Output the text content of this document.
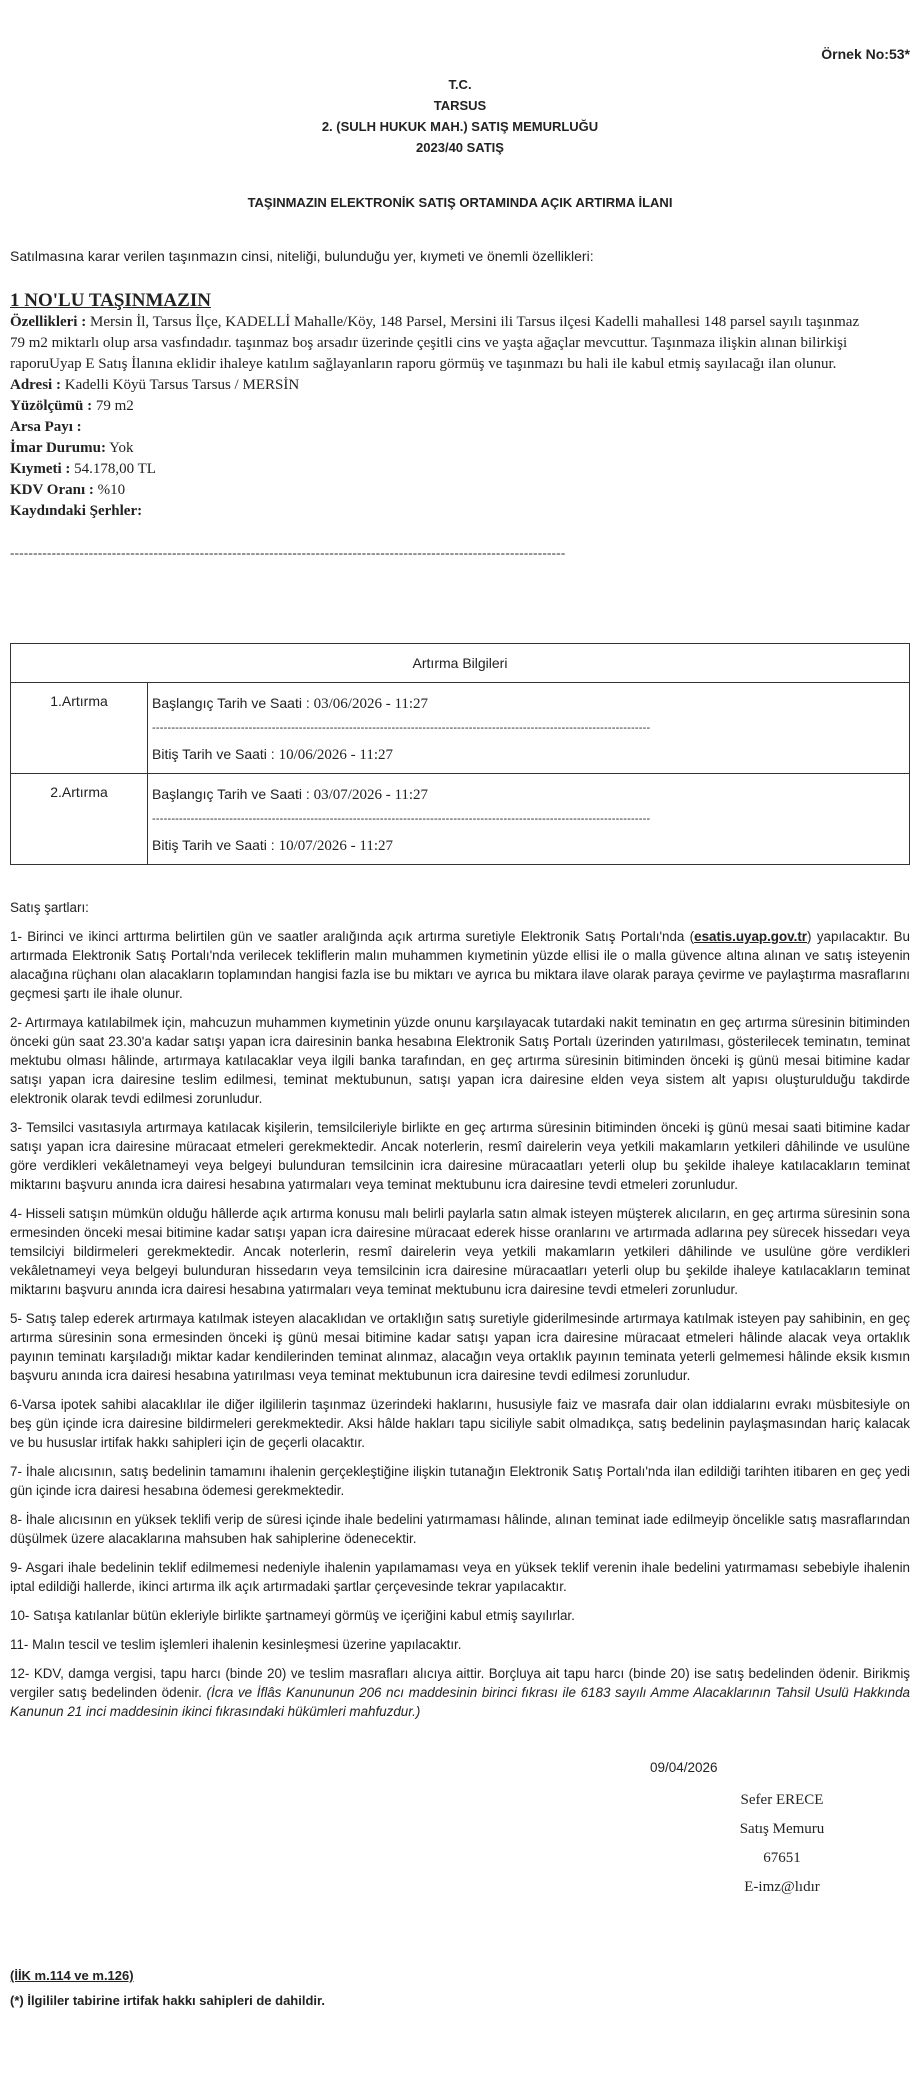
Örnek No:53*
T.C.
TARSUS
2. (SULH HUKUK MAH.) SATIŞ MEMURLUĞU
2023/40 SATIŞ
TAŞINMAZIN ELEKTRONİK SATIŞ ORTAMINDA AÇIK ARTIRMA İLANI
Satılmasına karar verilen taşınmazın cinsi, niteliği, bulunduğu yer, kıymeti ve önemli özellikleri:
1 NO'LU TAŞINMAZIN
Özellikleri : Mersin İl, Tarsus İlçe, KADELLİ Mahalle/Köy, 148 Parsel, Mersini ili Tarsus ilçesi Kadelli mahallesi 148 parsel sayılı taşınmaz 79 m2 miktarlı olup arsa vasfındadır. taşınmaz boş arsadır üzerinde çeşitli cins ve yaşta ağaçlar mevcuttur. Taşınmaza ilişkin alınan bilirkişi raporuUyap E Satış İlanına eklidir ihaleye katılım sağlayanların raporu görmüş ve taşınmazı bu hali ile kabul etmiş sayılacağı ilan olunur.
Adresi : Kadelli Köyü Tarsus Tarsus / MERSİN
Yüzölçümü : 79 m2
Arsa Payı :
İmar Durumu: Yok
Kıymeti : 54.178,00 TL
KDV Oranı : %10
Kaydındaki Şerhler:
------------------------------------------------------------------------------------------------------------------------
Artırma Bilgileri	
1.Artırma	Başlangıç Tarih ve Saati : 03/06/2026 - 11:27
---------------------------------------------------------------------------------------------------------------------------------
Bitiş Tarih ve Saati : 10/06/2026 - 11:27

2.Artırma	Başlangıç Tarih ve Saati : 03/07/2026 - 11:27
---------------------------------------------------------------------------------------------------------------------------------
Bitiş Tarih ve Saati : 10/07/2026 - 11:27

Satış şartları:

1- Birinci ve ikinci arttırma belirtilen gün ve saatler aralığında açık artırma suretiyle Elektronik Satış Portalı'nda (esatis.uyap.gov.tr) yapılacaktır. Bu artırmada Elektronik Satış Portalı'nda verilecek tekliflerin malın muhammen kıymetinin yüzde ellisi ile o malla güvence altına alınan ve satış isteyenin alacağına rüçhanı olan alacakların toplamından hangisi fazla ise bu miktarı ve ayrıca bu miktara ilave olarak paraya çevirme ve paylaştırma masraflarını geçmesi şartı ile ihale olunur.

2- Artırmaya katılabilmek için, mahcuzun muhammen kıymetinin yüzde onunu karşılayacak tutardaki nakit teminatın en geç artırma süresinin bitiminden önceki gün saat 23.30'a kadar satışı yapan icra dairesinin banka hesabına Elektronik Satış Portalı üzerinden yatırılması, gösterilecek teminatın, teminat mektubu olması hâlinde, artırmaya katılacaklar veya ilgili banka tarafından, en geç artırma süresinin bitiminden önceki iş günü mesai bitimine kadar satışı yapan icra dairesine teslim edilmesi, teminat mektubunun, satışı yapan icra dairesine elden veya sistem alt yapısı oluşturulduğu takdirde elektronik olarak tevdi edilmesi zorunludur.

3- Temsilci vasıtasıyla artırmaya katılacak kişilerin, temsilcileriyle birlikte en geç artırma süresinin bitiminden önceki iş günü mesai saati bitimine kadar satışı yapan icra dairesine müracaat etmeleri gerekmektedir. Ancak noterlerin, resmî dairelerin veya yetkili makamların yetkileri dâhilinde ve usulüne göre verdikleri vekâletnameyi veya belgeyi bulunduran temsilcinin icra dairesine müracaatları yeterli olup bu şekilde ihaleye katılacakların teminat miktarını başvuru anında icra dairesi hesabına yatırmaları veya teminat mektubunu icra dairesine tevdi etmeleri zorunludur.

4- Hisseli satışın mümkün olduğu hâllerde açık artırma konusu malı belirli paylarla satın almak isteyen müşterek alıcıların, en geç artırma süresinin sona ermesinden önceki mesai bitimine kadar satışı yapan icra dairesine müracaat ederek hisse oranlarını ve artırmada adlarına pey sürecek hissedarı veya temsilciyi bildirmeleri gerekmektedir. Ancak noterlerin, resmî dairelerin veya yetkili makamların yetkileri dâhilinde ve usulüne göre verdikleri vekâletnameyi veya belgeyi bulunduran hissedarın veya temsilcinin icra dairesine müracaatları yeterli olup bu şekilde ihaleye katılacakların teminat miktarını başvuru anında icra dairesi hesabına yatırmaları veya teminat mektubunu icra dairesine tevdi etmeleri zorunludur.

5- Satış talep ederek artırmaya katılmak isteyen alacaklıdan ve ortaklığın satış suretiyle giderilmesinde artırmaya katılmak isteyen pay sahibinin, en geç artırma süresinin sona ermesinden önceki iş günü mesai bitimine kadar satışı yapan icra dairesine müracaat etmeleri hâlinde alacak veya ortaklık payının teminatı karşıladığı miktar kadar kendilerinden teminat alınmaz, alacağın veya ortaklık payının teminata yeterli gelmemesi hâlinde eksik kısmın başvuru anında icra dairesi hesabına yatırılması veya teminat mektubunun icra dairesine tevdi edilmesi zorunludur.

6-Varsa ipotek sahibi alacaklılar ile diğer ilgililerin taşınmaz üzerindeki haklarını, hususiyle faiz ve masrafa dair olan iddialarını evrakı müsbitesiyle on beş gün içinde icra dairesine bildirmeleri gerekmektedir. Aksi hâlde hakları tapu siciliyle sabit olmadıkça, satış bedelinin paylaşmasından hariç kalacak ve bu hususlar irtifak hakkı sahipleri için de geçerli olacaktır.

7- İhale alıcısının, satış bedelinin tamamını ihalenin gerçekleştiğine ilişkin tutanağın Elektronik Satış Portalı'nda ilan edildiği tarihten itibaren en geç yedi gün içinde icra dairesi hesabına ödemesi gerekmektedir.

8- İhale alıcısının en yüksek teklifi verip de süresi içinde ihale bedelini yatırmaması hâlinde, alınan teminat iade edilmeyip öncelikle satış masraflarından düşülmek üzere alacaklarına mahsuben hak sahiplerine ödenecektir.

9- Asgari ihale bedelinin teklif edilmemesi nedeniyle ihalenin yapılamaması veya en yüksek teklif verenin ihale bedelini yatırmaması sebebiyle ihalenin iptal edildiği hallerde, ikinci artırma ilk açık artırmadaki şartlar çerçevesinde tekrar yapılacaktır.

10- Satışa katılanlar bütün ekleriyle birlikte şartnameyi görmüş ve içeriğini kabul etmiş sayılırlar.

11- Malın tescil ve teslim işlemleri ihalenin kesinleşmesi üzerine yapılacaktır.

12- KDV, damga vergisi, tapu harcı (binde 20) ve teslim masrafları alıcıya aittir. Borçluya ait tapu harcı (binde 20) ise satış bedelinden ödenir. Birikmiş vergiler satış bedelinden ödenir. (İcra ve İflâs Kanununun 206 ncı maddesinin birinci fıkrası ile 6183 sayılı Amme Alacaklarının Tahsil Usulü Hakkında Kanunun 21 inci maddesinin ikinci fıkrasındaki hükümleri mahfuzdur.)

09/04/2026
Sefer ERECE
Satış Memuru
67651
E-imz@lıdır
(İİK m.114 ve m.126)
(*) İlgililer tabirine irtifak hakkı sahipleri de dahildir.
